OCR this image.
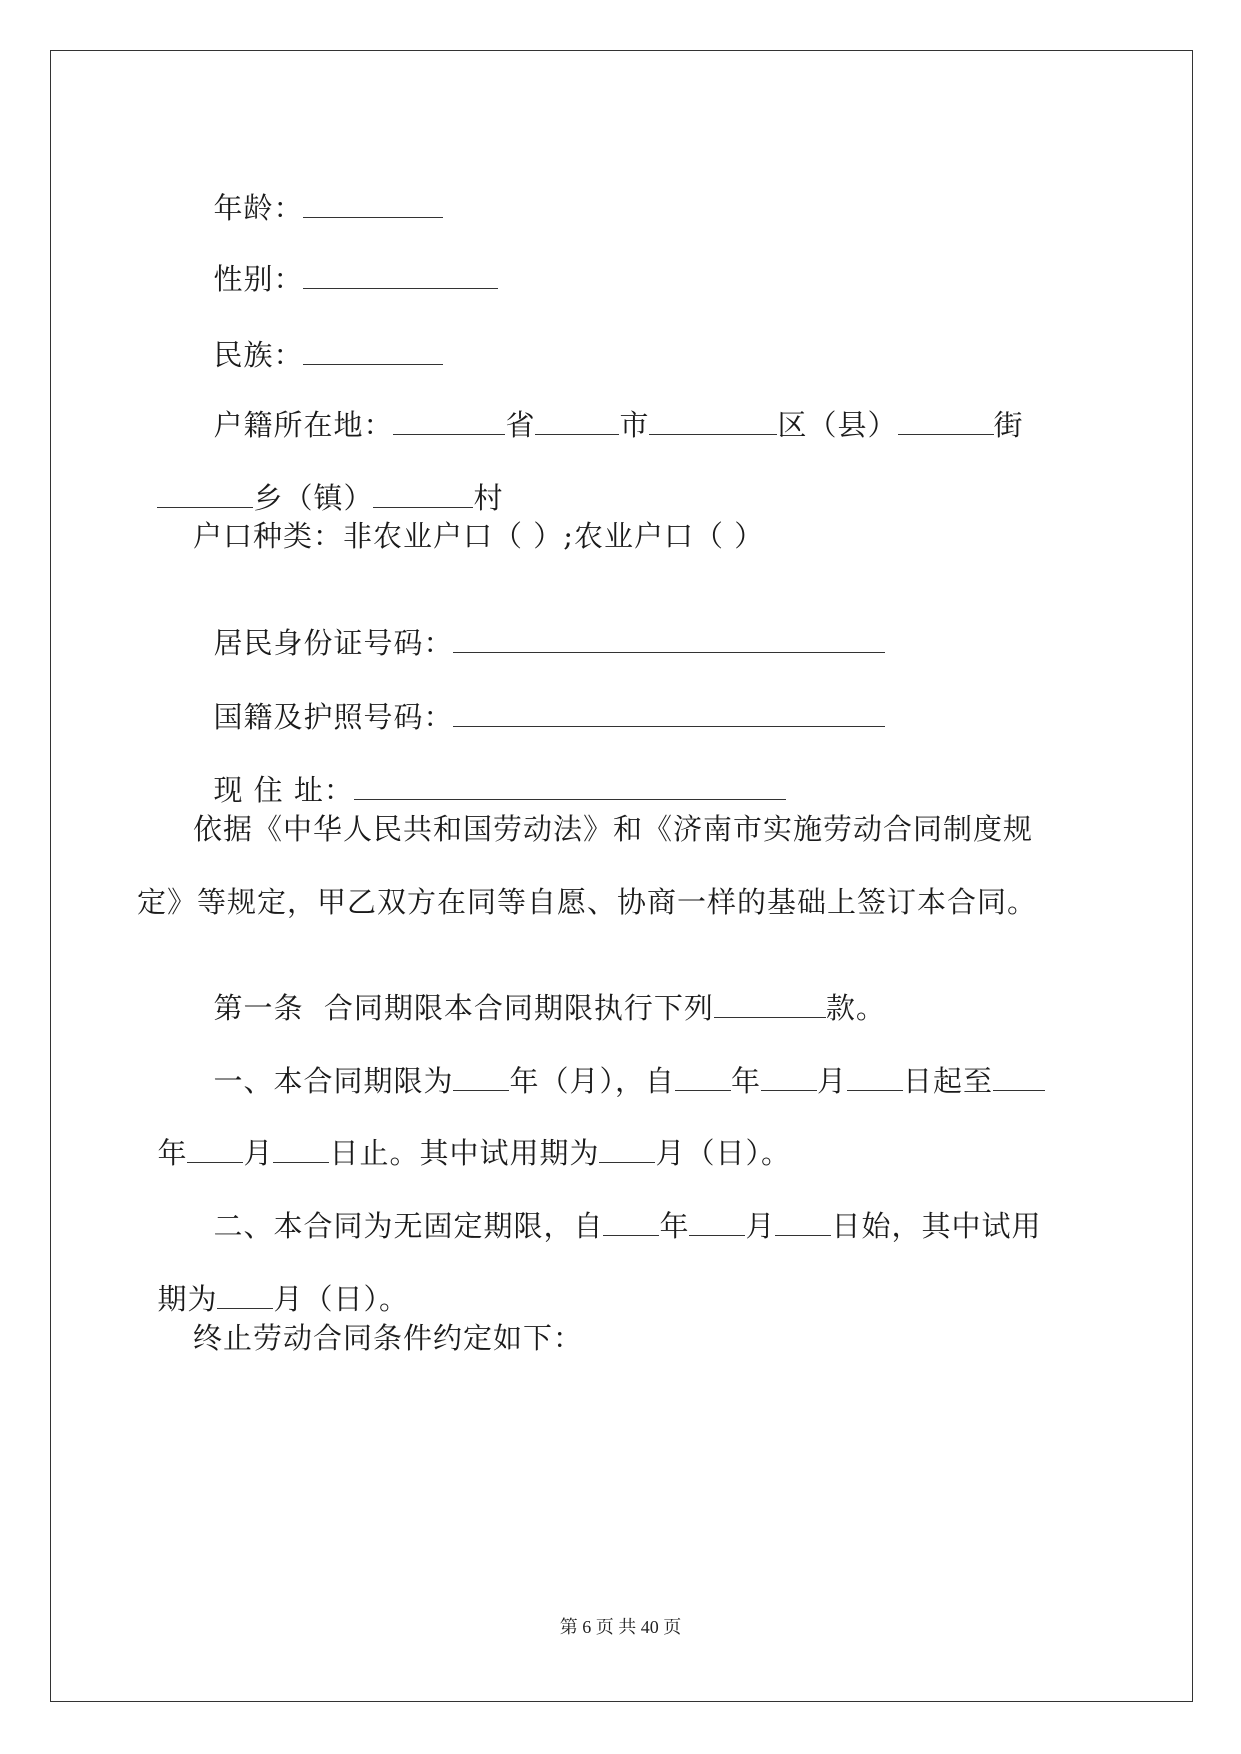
年龄：

性别：

民族：

户籍所在地：	省	市	区（县）	街

乡（镇）	村

户口种类：非农业户口（ ）;农业户口（ ）

居民身份证号码：

国籍及护照号码：

现 住 址：

依据《中华人民共和国劳动法》和《济南市实施劳动合同制度规
定》等规定，甲乙双方在同等自愿、协商一样的基础上签订本合同。

第一条  合同期限本合同期限执行下列	款。

一、本合同期限为 年（月），自 年 月 日起至

年 月 日止。其中试用期为 月（日）。

二、本合同为无固定期限，自 年 月 日始，其中试用

期为 月（日）。

终止劳动合同条件约定如下：
第 6 页 共 40 页
